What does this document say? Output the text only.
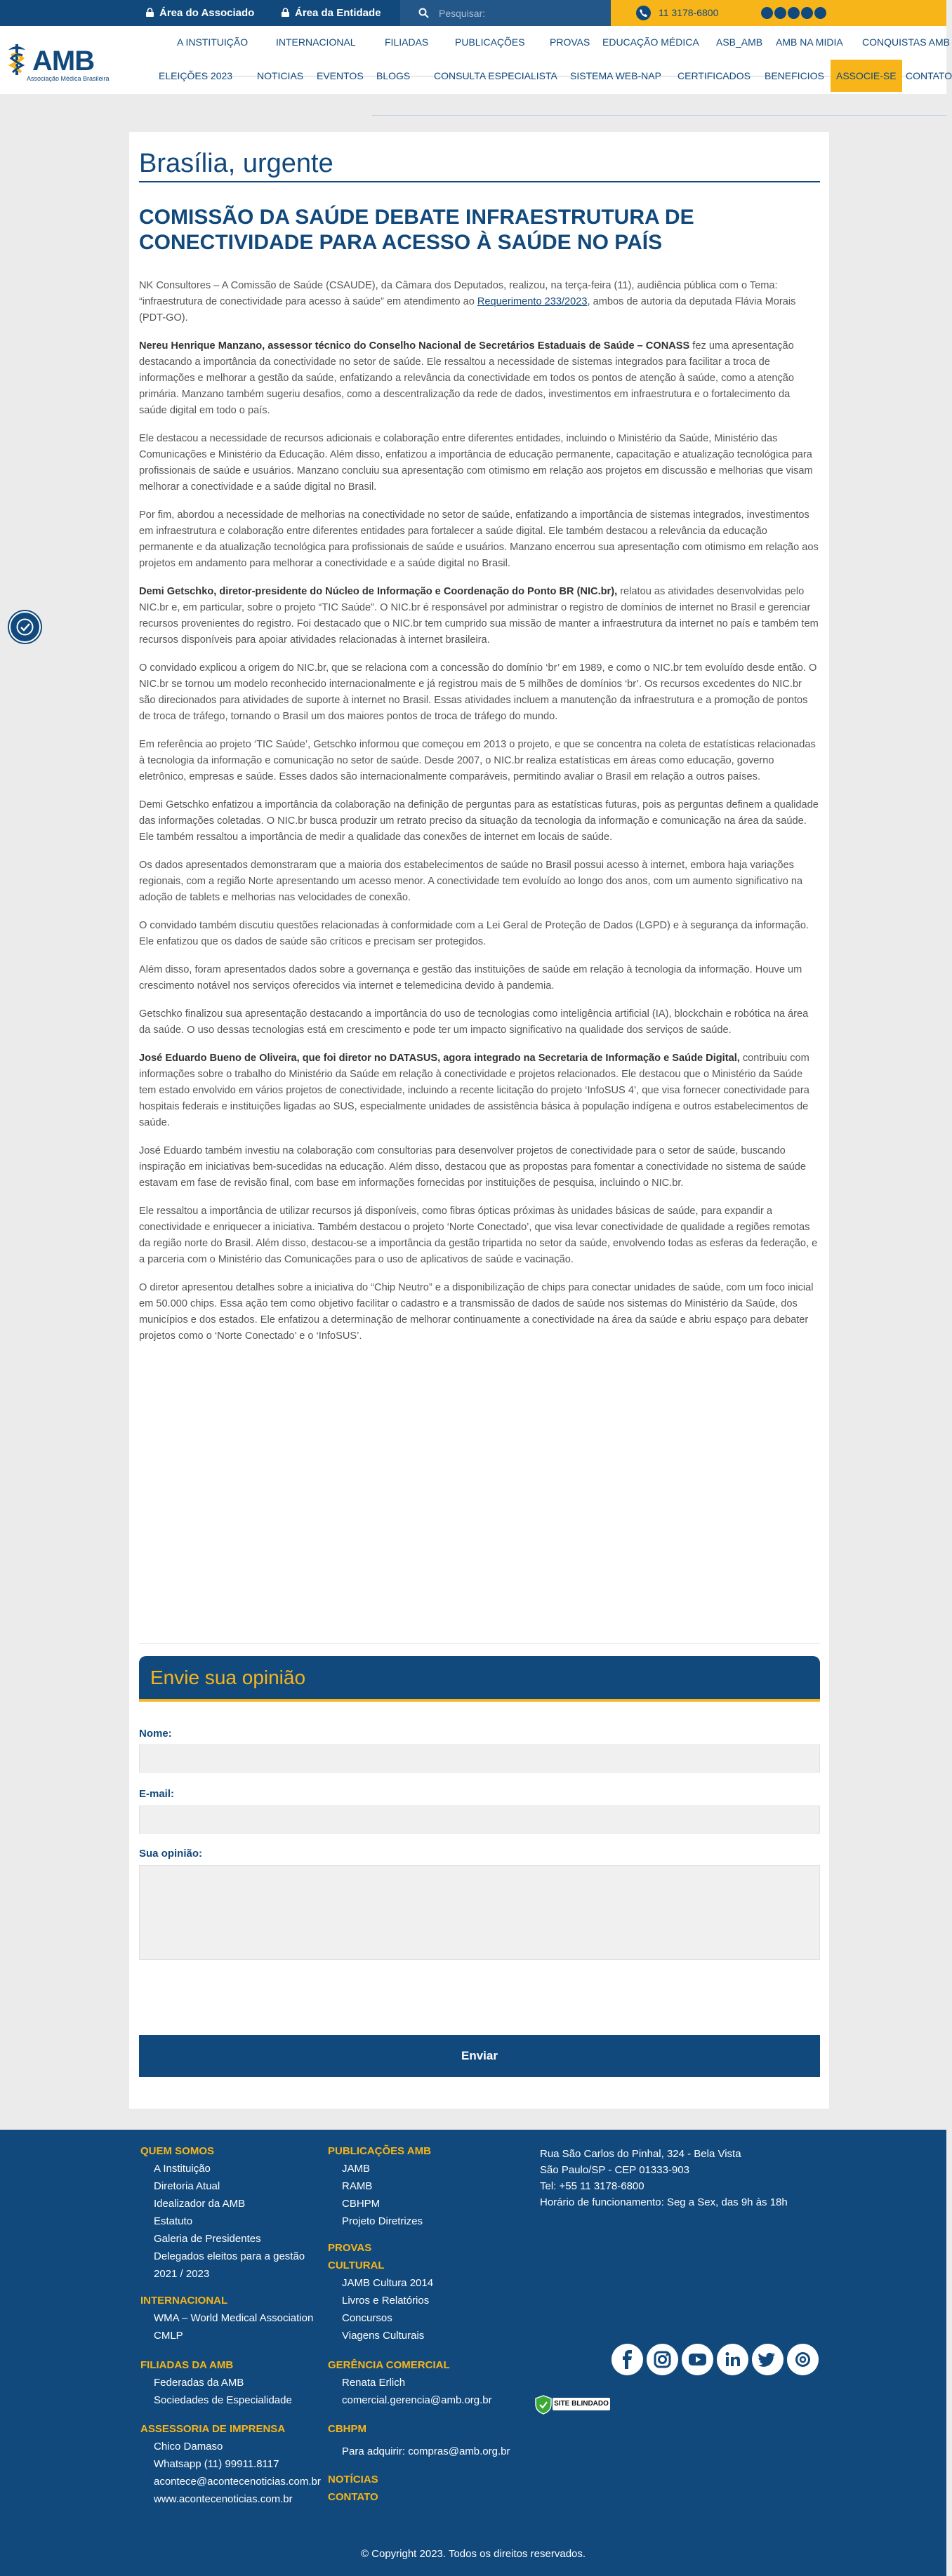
Área do Associado	Área da Entidade
Pesquisar:	11 3178-6800
AMB
Associação Médica Brasileira
A INSTITUIÇÃO	INTERNACIONAL	FILIADAS	PUBLICAÇÕES	PROVAS EDUCAÇÃO MÉDICA ASB_AMB AMB NA MIDIA CONQUISTAS AMB
ELEIÇÕES 2023 NOTICIAS EVENTOS BLOGS CONSULTA ESPECIALISTA SISTEMA WEB-NAP CERTIFICADOS BENEFICIOS	ASSOCIE-SE CONTATO
Brasília, urgente
COMISSÃO DA SAÚDE DEBATE INFRAESTRUTURA DE CONECTIVIDADE PARA ACESSO À SAÚDE NO PAÍS

NK Consultores – A Comissão de Saúde (CSAUDE), da Câmara dos Deputados, realizou, na terça-feira (11), audiência pública com o Tema: “infraestrutura de conectividade para acesso à saúde” em atendimento ao Requerimento 233/2023, ambos de autoria da deputada Flávia Morais (PDT-GO).

Nereu Henrique Manzano, assessor técnico do Conselho Nacional de Secretários Estaduais de Saúde – CONASS fez uma apresentação destacando a importância da conectividade no setor de saúde. Ele ressaltou a necessidade de sistemas integrados para facilitar a troca de informações e melhorar a gestão da saúde, enfatizando a relevância da conectividade em todos os pontos de atenção à saúde, como a atenção primária. Manzano também sugeriu desafios, como a descentralização da rede de dados, investimentos em infraestrutura e o fortalecimento da saúde digital em todo o país.

Ele destacou a necessidade de recursos adicionais e colaboração entre diferentes entidades, incluindo o Ministério da Saúde, Ministério das Comunicações e Ministério da Educação. Além disso, enfatizou a importância de educação permanente, capacitação e atualização tecnológica para profissionais de saúde e usuários. Manzano concluiu sua apresentação com otimismo em relação aos projetos em discussão e melhorias que visam melhorar a conectividade e a saúde digital no Brasil.

Por fim, abordou a necessidade de melhorias na conectividade no setor de saúde, enfatizando a importância de sistemas integrados, investimentos em infraestrutura e colaboração entre diferentes entidades para fortalecer a saúde digital. Ele também destacou a relevância da educação permanente e da atualização tecnológica para profissionais de saúde e usuários. Manzano encerrou sua apresentação com otimismo em relação aos projetos em andamento para melhorar a conectividade e a saúde digital no Brasil.

Demi Getschko, diretor-presidente do Núcleo de Informação e Coordenação do Ponto BR (NIC.br), relatou as atividades desenvolvidas pelo NIC.br e, em particular, sobre o projeto “TIC Saúde”. O NIC.br é responsável por administrar o registro de domínios de internet no Brasil e gerenciar recursos provenientes do registro. Foi destacado que o NIC.br tem cumprido sua missão de manter a infraestrutura da internet no país e também tem recursos disponíveis para apoiar atividades relacionadas à internet brasileira.

O convidado explicou a origem do NIC.br, que se relaciona com a concessão do domínio ‘br’ em 1989, e como o NIC.br tem evoluído desde então. O NIC.br se tornou um modelo reconhecido internacionalmente e já registrou mais de 5 milhões de domínios ‘br’. Os recursos excedentes do NIC.br são direcionados para atividades de suporte à internet no Brasil. Essas atividades incluem a manutenção da infraestrutura e a promoção de pontos de troca de tráfego, tornando o Brasil um dos maiores pontos de troca de tráfego do mundo.

Em referência ao projeto ‘TIC Saúde’, Getschko informou que começou em 2013 o projeto, e que se concentra na coleta de estatísticas relacionadas à tecnologia da informação e comunicação no setor de saúde. Desde 2007, o NIC.br realiza estatísticas em áreas como educação, governo eletrônico, empresas e saúde. Esses dados são internacionalmente comparáveis, permitindo avaliar o Brasil em relação a outros países.

Demi Getschko enfatizou a importância da colaboração na definição de perguntas para as estatísticas futuras, pois as perguntas definem a qualidade das informações coletadas. O NIC.br busca produzir um retrato preciso da situação da tecnologia da informação e comunicação na área da saúde. Ele também ressaltou a importância de medir a qualidade das conexões de internet em locais de saúde.

Os dados apresentados demonstraram que a maioria dos estabelecimentos de saúde no Brasil possui acesso à internet, embora haja variações regionais, com a região Norte apresentando um acesso menor. A conectividade tem evoluído ao longo dos anos, com um aumento significativo na adoção de tablets e melhorias nas velocidades de conexão.

O convidado também discutiu questões relacionadas à conformidade com a Lei Geral de Proteção de Dados (LGPD) e à segurança da informação. Ele enfatizou que os dados de saúde são críticos e precisam ser protegidos.

Além disso, foram apresentados dados sobre a governança e gestão das instituições de saúde em relação à tecnologia da informação. Houve um crescimento notável nos serviços oferecidos via internet e telemedicina devido à pandemia.

Getschko finalizou sua apresentação destacando a importância do uso de tecnologias como inteligência artificial (IA), blockchain e robótica na área da saúde. O uso dessas tecnologias está em crescimento e pode ter um impacto significativo na qualidade dos serviços de saúde.

José Eduardo Bueno de Oliveira, que foi diretor no DATASUS, agora integrado na Secretaria de Informação e Saúde Digital, contribuiu com informações sobre o trabalho do Ministério da Saúde em relação à conectividade e projetos relacionados. Ele destacou que o Ministério da Saúde tem estado envolvido em vários projetos de conectividade, incluindo a recente licitação do projeto ‘InfoSUS 4’, que visa fornecer conectividade para hospitais federais e instituições ligadas ao SUS, especialmente unidades de assistência básica à população indígena e outros estabelecimentos de saúde.

José Eduardo também investiu na colaboração com consultorias para desenvolver projetos de conectividade para o setor de saúde, buscando inspiração em iniciativas bem-sucedidas na educação. Além disso, destacou que as propostas para fomentar a conectividade no sistema de saúde estavam em fase de revisão final, com base em informações fornecidas por instituições de pesquisa, incluindo o NIC.br.

Ele ressaltou a importância de utilizar recursos já disponíveis, como fibras ópticas próximas às unidades básicas de saúde, para expandir a conectividade e enriquecer a iniciativa. Também destacou o projeto ‘Norte Conectado’, que visa levar conectividade de qualidade a regiões remotas da região norte do Brasil. Além disso, destacou-se a importância da gestão tripartida no setor da saúde, envolvendo todas as esferas da federação, e a parceria com o Ministério das Comunicações para o uso de aplicativos de saúde e vacinação.

O diretor apresentou detalhes sobre a iniciativa do “Chip Neutro” e a disponibilização de chips para conectar unidades de saúde, com um foco inicial em 50.000 chips. Essa ação tem como objetivo facilitar o cadastro e a transmissão de dados de saúde nos sistemas do Ministério da Saúde, dos municípios e dos estados. Ele enfatizou a determinação de melhorar continuamente a conectividade na área da saúde e abriu espaço para debater projetos como o ‘Norte Conectado’ e o ‘InfoSUS’.

Envie sua opinião
Nome:
E-mail:
Sua opinião:
Enviar
QUEM SOMOS
A Instituição
Diretoria Atual
Idealizador da AMB
Estatuto
Galeria de Presidentes
Delegados eleitos para a gestão
2021 / 2023
INTERNACIONAL
WMA – World Medical Association
CMLP
FILIADAS DA AMB
Federadas da AMB
Sociedades de Especialidade
ASSESSORIA DE IMPRENSA
Chico Damaso
Whatsapp (11) 99911.8117
acontece@acontecenoticias.com.br
www.acontecenoticias.com.br
PUBLICAÇÕES AMB
JAMB
RAMB
CBHPM
Projeto Diretrizes
PROVAS
CULTURAL
JAMB Cultura 2014
Livros e Relatórios
Concursos
Viagens Culturais
GERÊNCIA COMERCIAL
Renata Erlich
comercial.gerencia@amb.org.br
CBHPM
Para adquirir: compras@amb.org.br
NOTÍCIAS
CONTATO
Rua São Carlos do Pinhal, 324 - Bela Vista
São Paulo/SP - CEP 01333-903
Tel: +55 11 3178-6800
Horário de funcionamento: Seg a Sex, das 9h às 18h
SITE BLINDADO
© Copyright 2023. Todos os direitos reservados.
